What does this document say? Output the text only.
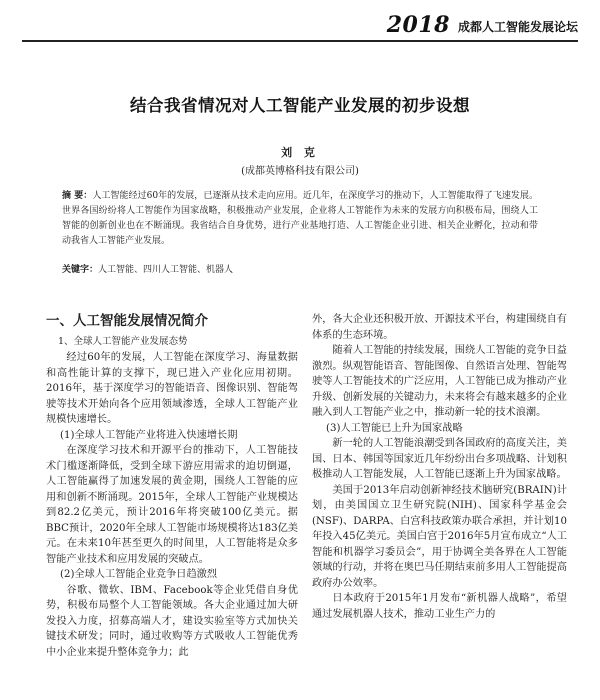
2018 成都人工智能发展论坛
结合我省情况对人工智能产业发展的初步设想
刘 克
(成都英博格科技有限公司)
摘 要：人工智能经过60年的发展，已逐渐从技术走向应用。近几年，在深度学习的推动下，人工智能取得了飞速发展。世界各国纷纷将人工智能作为国家战略，积极推动产业发展，企业将人工智能作为未来的发展方向积极布局，围绕人工智能的创新创业也在不断涌现。我省结合自身优势，进行产业基地打造、人工智能企业引进、相关企业孵化，拉动和带动我省人工智能产业发展。
关键字：人工智能、四川人工智能、机器人
一、人工智能发展情况简介
1、全球人工智能产业发展态势

经过60年的发展，人工智能在深度学习、海量数据和高性能计算的支撑下，现已进入产业化应用初期。2016年，基于深度学习的智能语音、图像识别、智能驾驶等技术开始向各个应用领域渗透，全球人工智能产业规模快速增长。

(1)全球人工智能产业将进入快速增长期

在深度学习技术和开源平台的推动下，人工智能技术门槛逐渐降低，受到全球下游应用需求的迫切倒逼，人工智能赢得了加速发展的黄金期，围绕人工智能的应用和创新不断涌现。2015年，全球人工智能产业规模达到82.2亿美元，预计2016年将突破100亿美元。据BBC预计，2020年全球人工智能市场规模将达183亿美元。在未来10年甚至更久的时间里，人工智能将是众多智能产业技术和应用发展的突破点。

(2)全球人工智能企业竞争日趋激烈

谷歌、微软、IBM、Facebook等企业凭借自身优势，积极布局整个人工智能领域。各大企业通过加大研发投入力度，招募高端人才，建设实验室等方式加快关键技术研发；同时，通过收购等方式吸收人工智能优秀中小企业来提升整体竞争力；此

外，各大企业还积极开放、开源技术平台，构建围绕自有体系的生态环境。

随着人工智能的持续发展，围绕人工智能的竞争日益激烈。纵观智能语音、智能图像、自然语言处理、智能驾驶等人工智能技术的广泛应用，人工智能已成为推动产业升级、创新发展的关键动力，未来将会有越来越多的企业融入到人工智能产业之中，推动新一轮的技术浪潮。

(3)人工智能已上升为国家战略

新一轮的人工智能浪潮受到各国政府的高度关注，美国、日本、韩国等国家近几年纷纷出台多项战略、计划积极推动人工智能发展，人工智能已逐渐上升为国家战略。

美国于2013年启动创新神经技术脑研究(BRAIN)计划，由美国国立卫生研究院(NIH)、国家科学基金会(NSF)、DARPA、白宫科技政策办联合承担，并计划10年投入45亿美元。美国白宫于2016年5月宣布成立“人工智能和机器学习委员会”，用于协调全美各界在人工智能领域的行动，并将在奥巴马任期结束前多用人工智能提高政府办公效率。

日本政府于2015年1月发布“新机器人战略”，希望通过发展机器人技术，推动工业生产力的
